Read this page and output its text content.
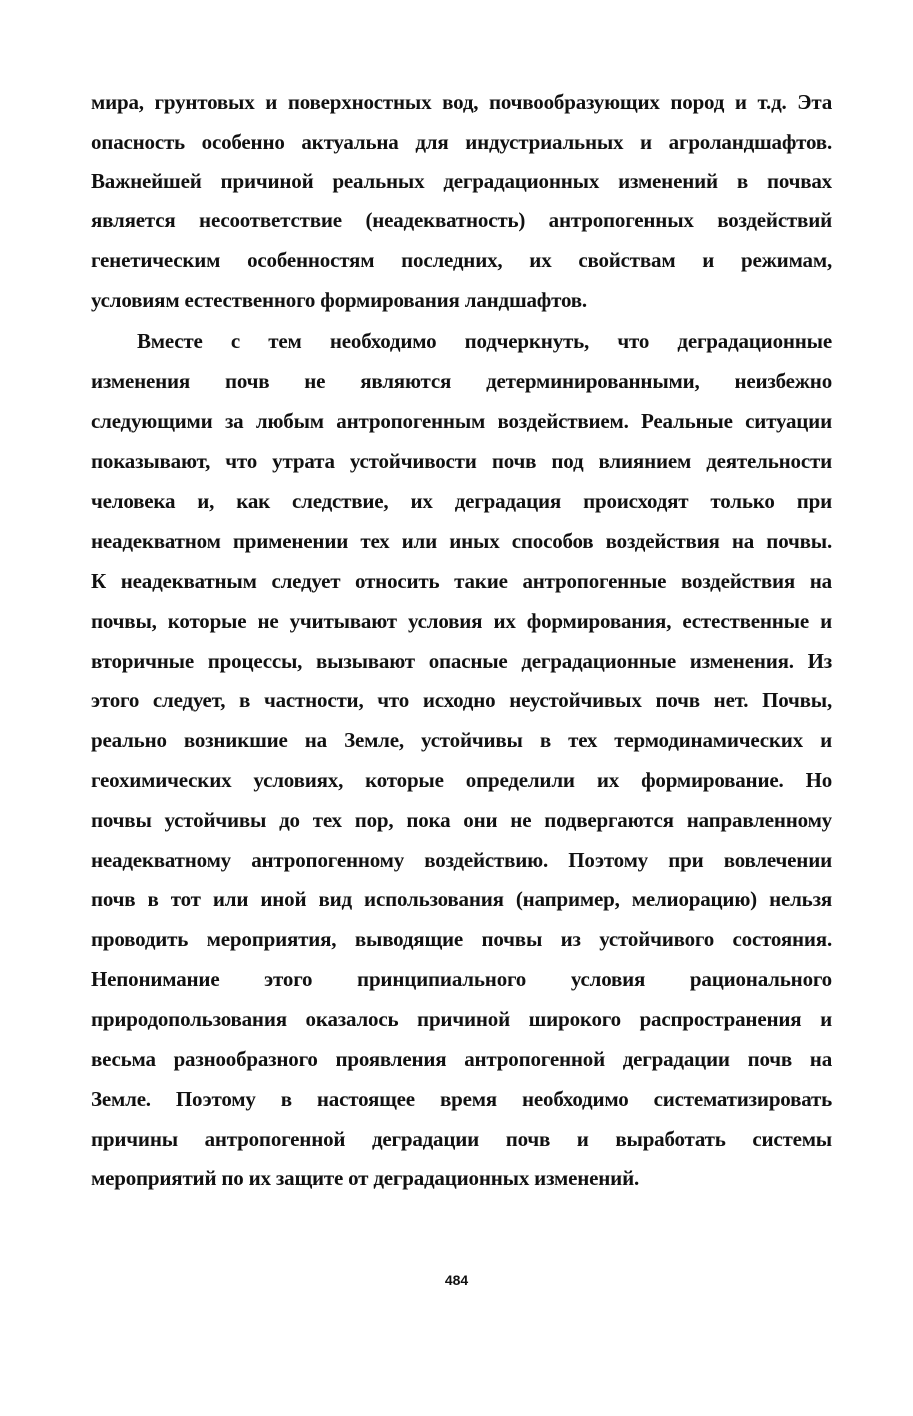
мира, грунтовых и поверхностных вод, почвообразующих пород и т.д. Эта
опасность особенно актуальна для индустриальных и агроландшафтов.
Важнейшей причиной реальных деградационных изменений в почвах
является несоответствие (неадекватность) антропогенных воздействий
генетическим особенностям последних, их свойствам и режимам,
условиям естественного формирования ландшафтов.
Вместе с тем необходимо подчеркнуть, что деградационные
изменения почв не являются детерминированными, неизбежно
следующими за любым антропогенным воздействием. Реальные ситуации
показывают, что утрата устойчивости почв под влиянием деятельности
человека и, как следствие, их деградация происходят только при
неадекватном применении тех или иных способов воздействия на почвы.
К неадекватным следует относить такие антропогенные воздействия на
почвы, которые не учитывают условия их формирования, естественные и
вторичные процессы, вызывают опасные деградационные изменения. Из
этого следует, в частности, что исходно неустойчивых почв нет. Почвы,
реально возникшие на Земле, устойчивы в тех термодинамических и
геохимических условиях, которые определили их формирование. Но
почвы устойчивы до тех пор, пока они не подвергаются направленному
неадекватному антропогенному воздействию. Поэтому при вовлечении
почв в тот или иной вид использования (например, мелиорацию) нельзя
проводить мероприятия, выводящие почвы из устойчивого состояния.
Непонимание этого принципиального условия рационального
природопользования оказалось причиной широкого распространения и
весьма разнообразного проявления антропогенной деградации почв на
Земле. Поэтому в настоящее время необходимо систематизировать
причины антропогенной деградации почв и выработать системы
мероприятий по их защите от деградационных изменений.
484
